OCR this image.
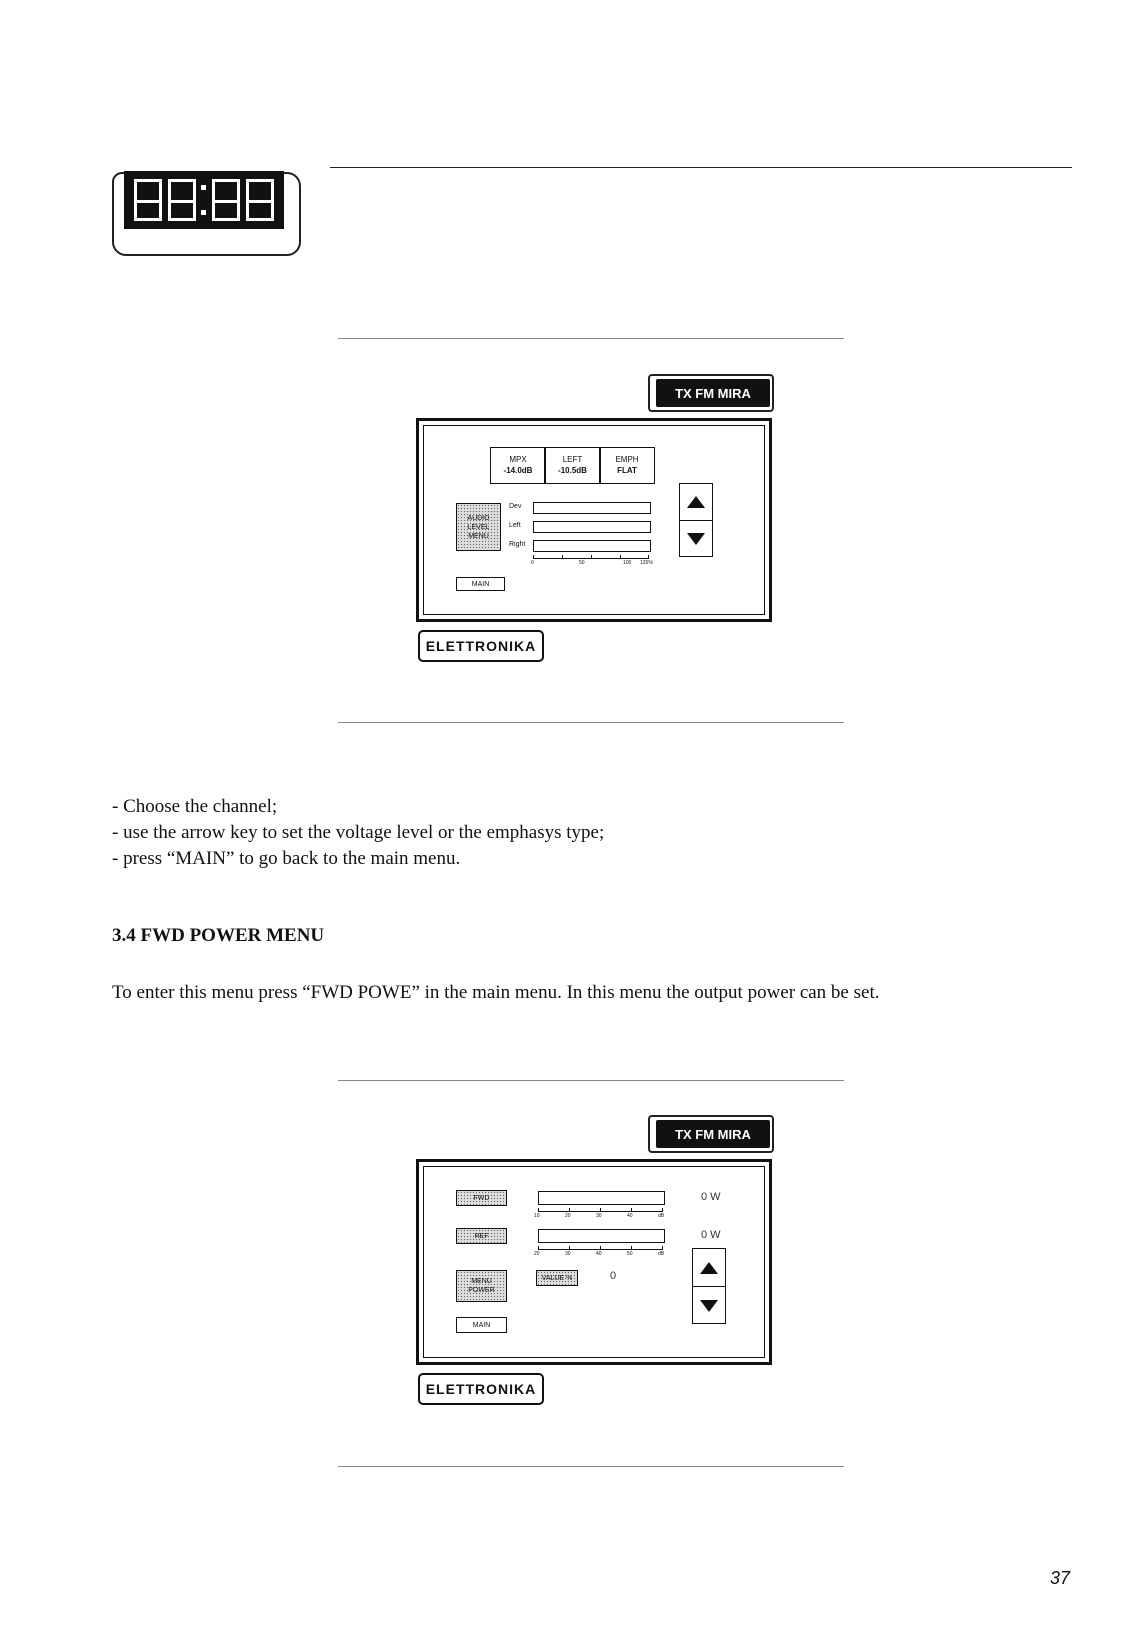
TX FM MIRA
MPX
-14.0dB
LEFT
-10.5dB
EMPH
FLAT
AUDIO
LEVEL
MENU
Dev
Left
Right
0	50	100 125%
MAIN
ELETTRONIKA
- Choose the channel;
- use the arrow key to set the voltage level or the emphasys type;
- press “MAIN” to go back to the main menu.
3.4 FWD POWER MENU
To enter this menu press “FWD POWE” in the main menu. In this menu the output power can be set.
TX FM MIRA
FWD	0 W
10	20	30	40	dB
REF	0 W
20	30	40	50	dB
MENU
POWER
VALUE %	0
MAIN
ELETTRONIKA
37
